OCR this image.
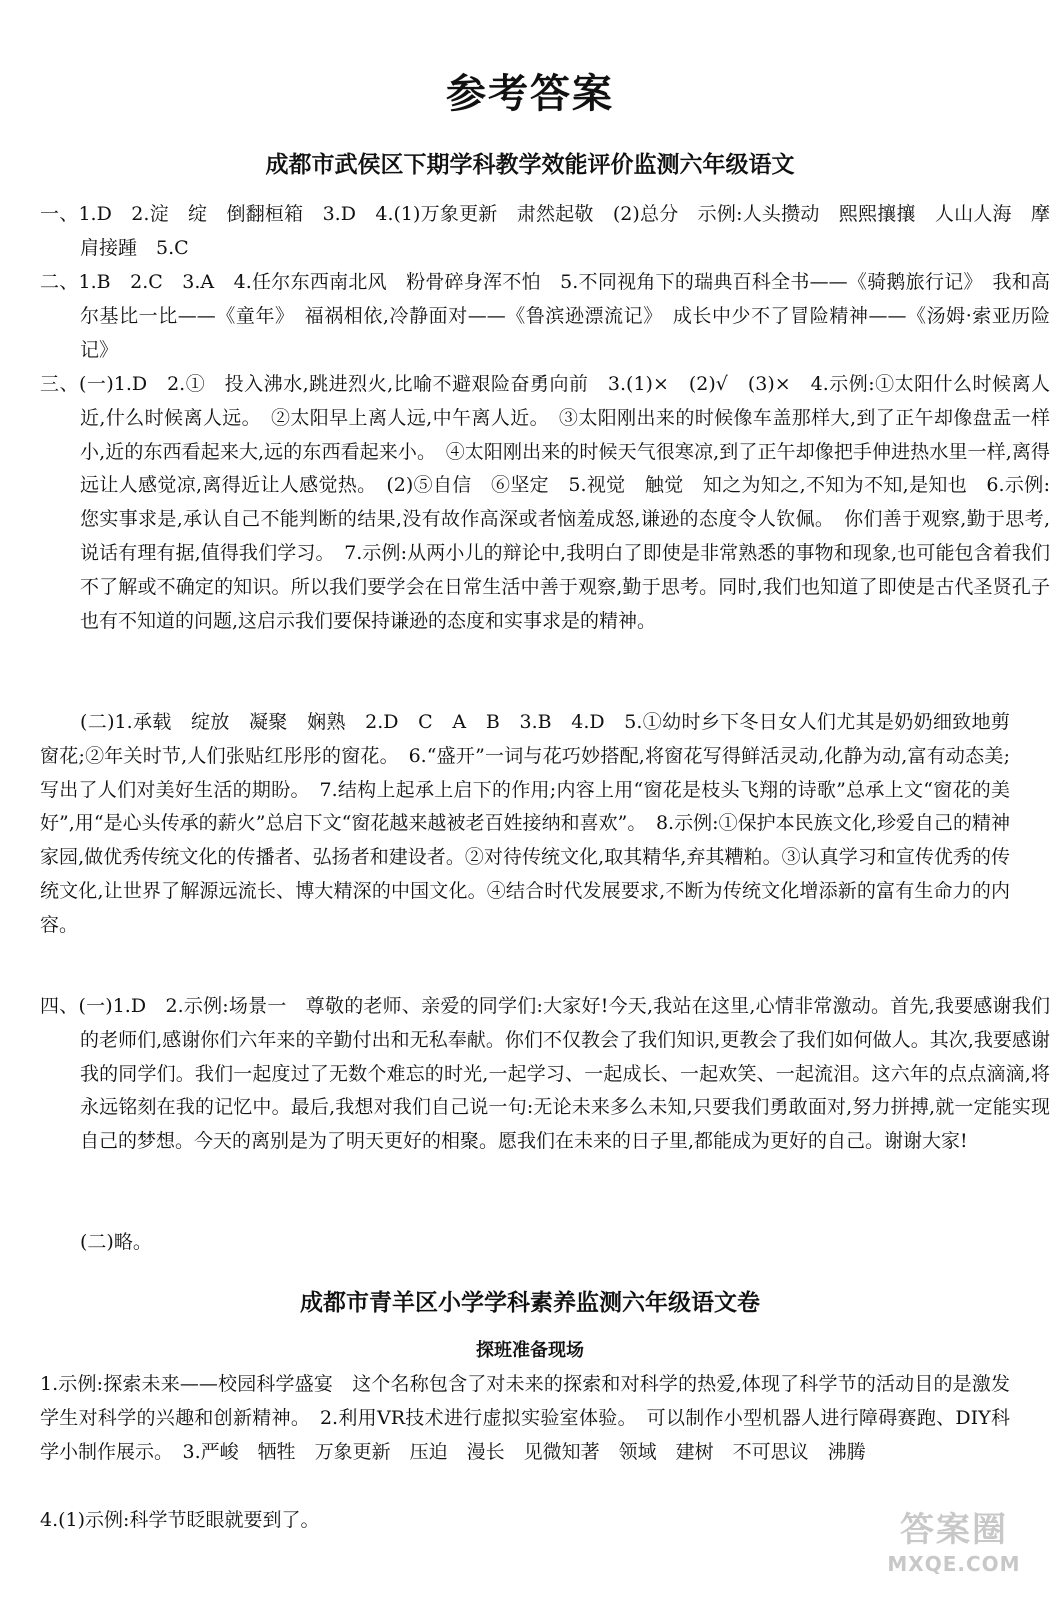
参考答案
成都市武侯区下期学科教学效能评价监测六年级语文

一、1.D　2.淀　绽　倒翻桓箱　3.D　4.(1)万象更新　肃然起敬　(2)总分　示例:人头攒动　熙熙攘攘　人山人海　摩肩接踵　5.C

二、1.B　2.C　3.A　4.任尔东西南北风　粉骨碎身浑不怕　5.不同视角下的瑞典百科全书——《骑鹅旅行记》　我和高尔基比一比——《童年》　福祸相依,冷静面对——《鲁滨逊漂流记》　成长中少不了冒险精神——《汤姆·索亚历险记》

三、(一)1.D　2.①　投入沸水,跳进烈火,比喻不避艰险奋勇向前　3.(1)×　(2)√　(3)×　4.示例:①太阳什么时候离人近,什么时候离人远。　②太阳早上离人远,中午离人近。　③太阳刚出来的时候像车盖那样大,到了正午却像盘盂一样小,近的东西看起来大,远的东西看起来小。　④太阳刚出来的时候天气很寒凉,到了正午却像把手伸进热水里一样,离得远让人感觉凉,离得近让人感觉热。　(2)⑤自信　⑥坚定　5.视觉　触觉　知之为知之,不知为不知,是知也　6.示例:您实事求是,承认自己不能判断的结果,没有故作高深或者恼羞成怒,谦逊的态度令人钦佩。　你们善于观察,勤于思考,说话有理有据,值得我们学习。　7.示例:从两小儿的辩论中,我明白了即使是非常熟悉的事物和现象,也可能包含着我们不了解或不确定的知识。所以我们要学会在日常生活中善于观察,勤于思考。同时,我们也知道了即使是古代圣贤孔子也有不知道的问题,这启示我们要保持谦逊的态度和实事求是的精神。

(二)1.承载　绽放　凝聚　娴熟　2.D　C　A　B　3.B　4.D　5.①幼时乡下冬日女人们尤其是奶奶细致地剪窗花;②年关时节,人们张贴红彤彤的窗花。　6.“盛开”一词与花巧妙搭配,将窗花写得鲜活灵动,化静为动,富有动态美;写出了人们对美好生活的期盼。　7.结构上起承上启下的作用;内容上用“窗花是枝头飞翔的诗歌”总承上文“窗花的美好”,用“是心头传承的薪火”总启下文“窗花越来越被老百姓接纳和喜欢”。　8.示例:①保护本民族文化,珍爱自己的精神家园,做优秀传统文化的传播者、弘扬者和建设者。②对待传统文化,取其精华,弃其糟粕。③认真学习和宣传优秀的传统文化,让世界了解源远流长、博大精深的中国文化。④结合时代发展要求,不断为传统文化增添新的富有生命力的内容。

四、(一)1.D　2.示例:场景一　尊敬的老师、亲爱的同学们:大家好!今天,我站在这里,心情非常激动。首先,我要感谢我们的老师们,感谢你们六年来的辛勤付出和无私奉献。你们不仅教会了我们知识,更教会了我们如何做人。其次,我要感谢我的同学们。我们一起度过了无数个难忘的时光,一起学习、一起成长、一起欢笑、一起流泪。这六年的点点滴滴,将永远铭刻在我的记忆中。最后,我想对我们自己说一句:无论未来多么未知,只要我们勇敢面对,努力拼搏,就一定能实现自己的梦想。今天的离别是为了明天更好的相聚。愿我们在未来的日子里,都能成为更好的自己。谢谢大家!

(二)略。

成都市青羊区小学学科素养监测六年级语文卷
探班准备现场

1.示例:探索未来——校园科学盛宴　这个名称包含了对未来的探索和对科学的热爱,体现了科学节的活动目的是激发学生对科学的兴趣和创新精神。　2.利用VR技术进行虚拟实验室体验。　可以制作小型机器人进行障碍赛跑、DIY科学小制作展示。　3.严峻　牺牲　万象更新　压迫　漫长　见微知著　领域　建树　不可思议　沸腾

4.(1)示例:科学节眨眼就要到了。	答案圈
MXQE.COM
